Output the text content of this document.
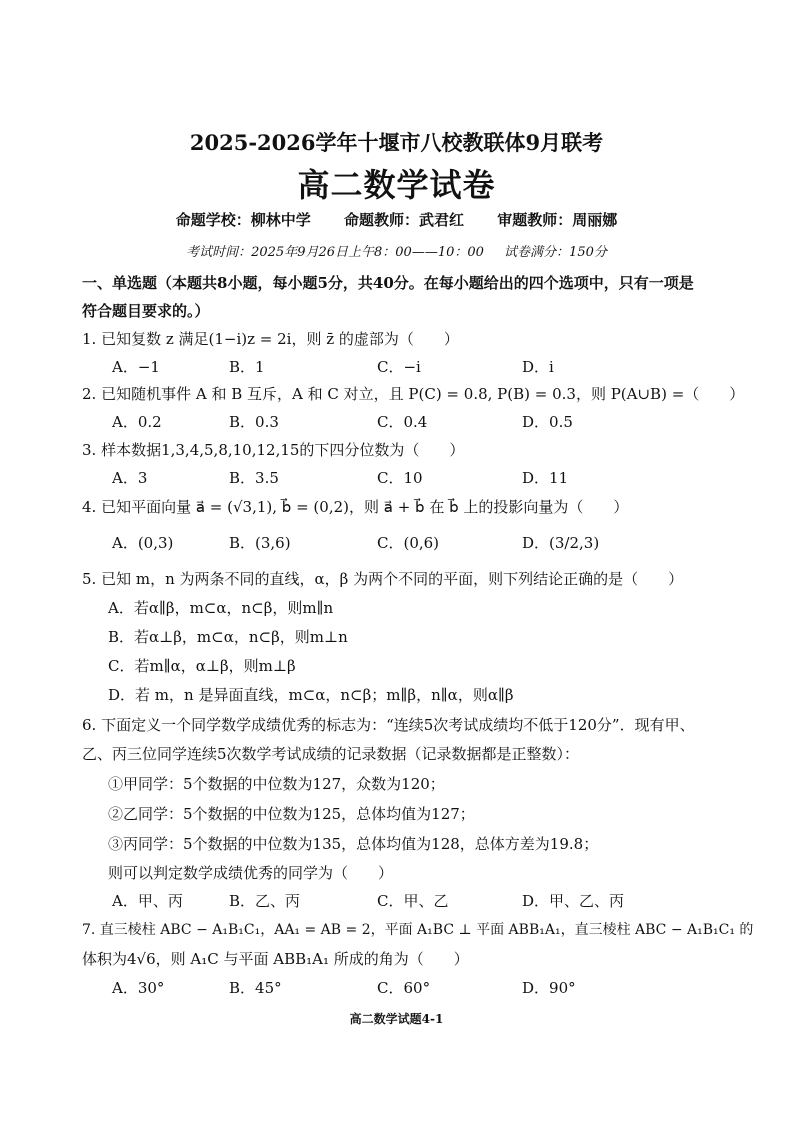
2025-2026学年十堰市八校教联体9月联考
高二数学试卷
命题学校：柳林中学 命题教师：武君红 审题教师：周丽娜
考试时间：2025年9月26日上午8：00——10：00 试卷满分：150分
一、单选题（本题共8小题，每小题5分，共40分。在每小题给出的四个选项中，只有一项是
符合题目要求的。）
1. 已知复数 z 满足(1−i)z = 2i，则 z̄ 的虚部为（　　）
A．−1	B．1	C．−i	D．i
2. 已知随机事件 A 和 B 互斥，A 和 C 对立，且 P(C) = 0.8, P(B) = 0.3，则 P(A∪B) =（　　）
A．0.2	B．0.3	C．0.4	D．0.5
3. 样本数据1,3,4,5,8,10,12,15的下四分位数为（　　）
A．3	B．3.5	C．10	D．11
4. 已知平面向量 a⃗ = (√3,1), b⃗ = (0,2)，则 a⃗ + b⃗ 在 b⃗ 上的投影向量为（　　）
A．(0,3)	B．(3,6)	C．(0,6)	D．(3/2,3)
5. 已知 m，n 为两条不同的直线，α，β 为两个不同的平面，则下列结论正确的是（　　）
A．若α∥β，m⊂α，n⊂β，则m∥n
B．若α⊥β，m⊂α，n⊂β，则m⊥n
C．若m∥α，α⊥β，则m⊥β
D．若 m，n 是异面直线，m⊂α，n⊂β；m∥β，n∥α，则α∥β
6. 下面定义一个同学数学成绩优秀的标志为：“连续5次考试成绩均不低于120分”．现有甲、
乙、丙三位同学连续5次数学考试成绩的记录数据（记录数据都是正整数）：
①甲同学：5个数据的中位数为127，众数为120；
②乙同学：5个数据的中位数为125，总体均值为127；
③丙同学：5个数据的中位数为135，总体均值为128，总体方差为19.8；
则可以判定数学成绩优秀的同学为（　　）
A．甲、丙	B．乙、丙	C．甲、乙	D．甲、乙、丙
7. 直三棱柱 ABC − A₁B₁C₁，AA₁ = AB = 2，平面 A₁BC ⊥ 平面 ABB₁A₁，直三棱柱 ABC − A₁B₁C₁ 的
体积为4√6，则 A₁C 与平面 ABB₁A₁ 所成的角为（　　）
A．30°	B．45°	C．60°	D．90°
高二数学试题4-1
